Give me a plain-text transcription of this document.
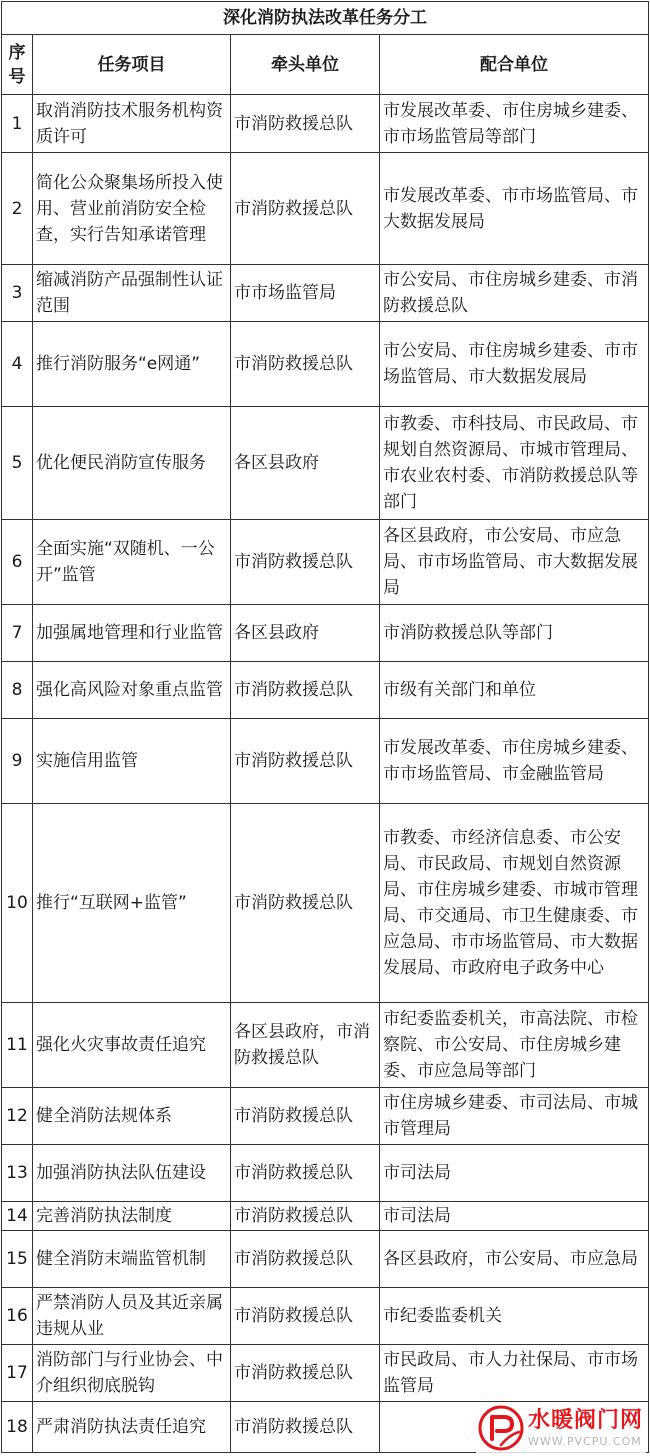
深化消防执法改革任务分工			
序号	任务项目	牵头单位	配合单位
1	取消消防技术服务机构资质许可	市消防救援总队	市发展改革委、市住房城乡建委、市市场监管局等部门
2	简化公众聚集场所投入使用、营业前消防安全检查，实行告知承诺管理	市消防救援总队	市发展改革委、市市场监管局、市大数据发展局
3	缩减消防产品强制性认证范围	市市场监管局	市公安局、市住房城乡建委、市消防救援总队
4	推行消防服务“e网通”	市消防救援总队	市公安局、市住房城乡建委、市市场监管局、市大数据发展局
5	优化便民消防宣传服务	各区县政府	市教委、市科技局、市民政局、市规划自然资源局、市城市管理局、市农业农村委、市消防救援总队等部门
6	全面实施“双随机、一公开”监管	市消防救援总队	各区县政府，市公安局、市应急局、市市场监管局、市大数据发展局
7	加强属地管理和行业监管	各区县政府	市消防救援总队等部门
8	强化高风险对象重点监管	市消防救援总队	市级有关部门和单位
9	实施信用监管	市消防救援总队	市发展改革委、市住房城乡建委、市市场监管局、市金融监管局
10	推行“互联网+监管”	市消防救援总队	市教委、市经济信息委、市公安局、市民政局、市规划自然资源局、市住房城乡建委、市城市管理局、市交通局、市卫生健康委、市应急局、市市场监管局、市大数据发展局、市政府电子政务中心
11	强化火灾事故责任追究	各区县政府，市消防救援总队	市纪委监委机关，市高法院、市检察院、市公安局、市住房城乡建委、市应急局等部门
12	健全消防法规体系	市消防救援总队	市住房城乡建委、市司法局、市城市管理局
13	加强消防执法队伍建设	市消防救援总队	市司法局
14	完善消防执法制度	市消防救援总队	市司法局
15	健全消防末端监管机制	市消防救援总队	各区县政府，市公安局、市应急局
16	严禁消防人员及其近亲属违规从业	市消防救援总队	市纪委监委机关
17	消防部门与行业协会、中介组织彻底脱钩	市消防救援总队	市民政局、市人力社保局、市市场监管局
18	严肃消防执法责任追究	市消防救援总队		水暖阀门网
WWW.PVCPU.COM
